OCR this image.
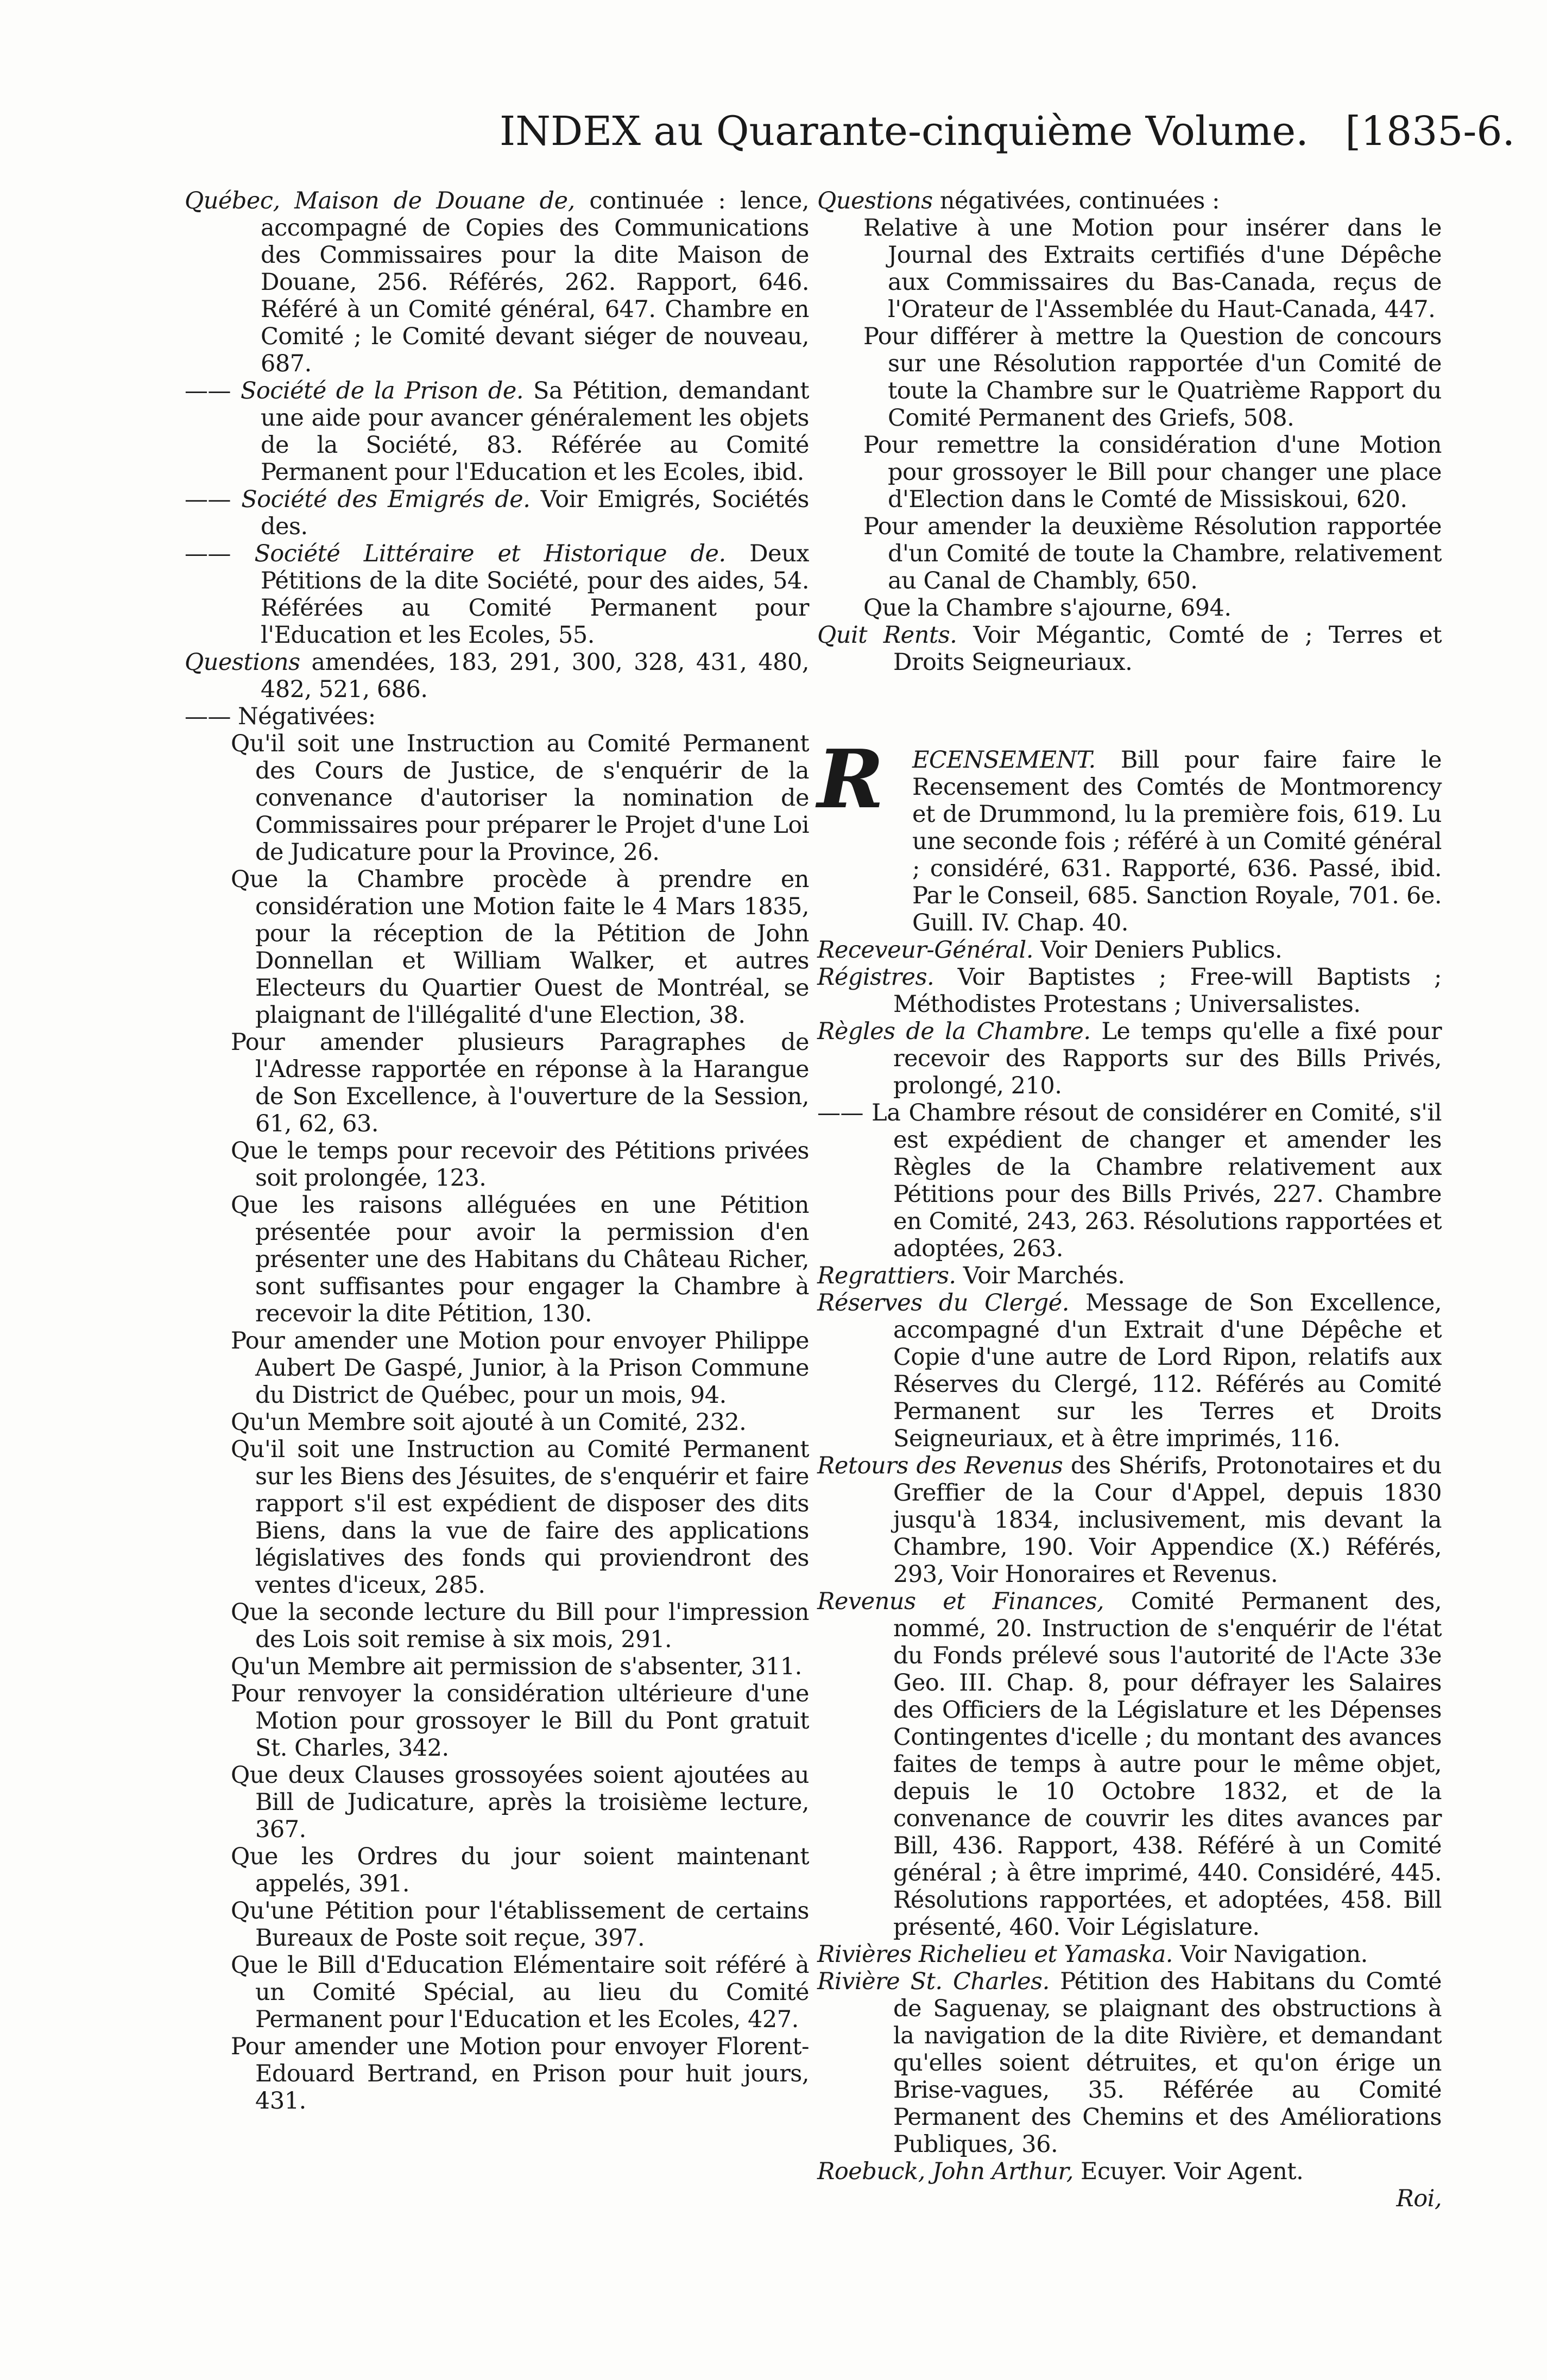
INDEX au Quarante-cinquième Volume. [1835-6.

Québec, Maison de Douane de, continuée : lence, accompagné de Copies des Communications des Commissaires pour la dite Maison de Douane, 256. Référés, 262. Rapport, 646. Référé à un Comité général, 647. Chambre en Comité ; le Comité devant siéger de nouveau, 687.

—— Société de la Prison de. Sa Pétition, demandant une aide pour avancer généralement les objets de la Société, 83. Référée au Comité Permanent pour l'Education et les Ecoles, ibid.

—— Société des Emigrés de. Voir Emigrés, Sociétés des.

—— Société Littéraire et Historique de. Deux Pétitions de la dite Société, pour des aides, 54. Référées au Comité Permanent pour l'Education et les Ecoles, 55.

Questions amendées, 183, 291, 300, 328, 431, 480, 482, 521, 686.

—— Négativées:

Qu'il soit une Instruction au Comité Permanent des Cours de Justice, de s'enquérir de la convenance d'autoriser la nomination de Commissaires pour préparer le Projet d'une Loi de Judicature pour la Province, 26.

Que la Chambre procède à prendre en considération une Motion faite le 4 Mars 1835, pour la réception de la Pétition de John Donnellan et William Walker, et autres Electeurs du Quartier Ouest de Montréal, se plaignant de l'illégalité d'une Election, 38.

Pour amender plusieurs Paragraphes de l'Adresse rapportée en réponse à la Harangue de Son Excellence, à l'ouverture de la Session, 61, 62, 63.

Que le temps pour recevoir des Pétitions privées soit prolongée, 123.

Que les raisons alléguées en une Pétition présentée pour avoir la permission d'en présenter une des Habitans du Château Richer, sont suffisantes pour engager la Chambre à recevoir la dite Pétition, 130.

Pour amender une Motion pour envoyer Philippe Aubert De Gaspé, Junior, à la Prison Commune du District de Québec, pour un mois, 94.

Qu'un Membre soit ajouté à un Comité, 232.

Qu'il soit une Instruction au Comité Permanent sur les Biens des Jésuites, de s'enquérir et faire rapport s'il est expédient de disposer des dits Biens, dans la vue de faire des applications législatives des fonds qui proviendront des ventes d'iceux, 285.

Que la seconde lecture du Bill pour l'impression des Lois soit remise à six mois, 291.

Qu'un Membre ait permission de s'absenter, 311.

Pour renvoyer la considération ultérieure d'une Motion pour grossoyer le Bill du Pont gratuit St. Charles, 342.

Que deux Clauses grossoyées soient ajoutées au Bill de Judicature, après la troisième lecture, 367.

Que les Ordres du jour soient maintenant appelés, 391.

Qu'une Pétition pour l'établissement de certains Bureaux de Poste soit reçue, 397.

Que le Bill d'Education Elémentaire soit référé à un Comité Spécial, au lieu du Comité Permanent pour l'Education et les Ecoles, 427.

Pour amender une Motion pour envoyer Florent-Edouard Bertrand, en Prison pour huit jours, 431.

Questions négativées, continuées :

Relative à une Motion pour insérer dans le Journal des Extraits certifiés d'une Dépêche aux Commissaires du Bas-Canada, reçus de l'Orateur de l'Assemblée du Haut-Canada, 447.

Pour différer à mettre la Question de concours sur une Résolution rapportée d'un Comité de toute la Chambre sur le Quatrième Rapport du Comité Permanent des Griefs, 508.

Pour remettre la considération d'une Motion pour grossoyer le Bill pour changer une place d'Election dans le Comté de Missiskoui, 620.

Pour amender la deuxième Résolution rapportée d'un Comité de toute la Chambre, relativement au Canal de Chambly, 650.

Que la Chambre s'ajourne, 694.

Quit Rents. Voir Mégantic, Comté de ; Terres et Droits Seigneuriaux.

R ECENSEMENT. Bill pour faire faire le Recensement des Comtés de Montmorency et de Drummond, lu la première fois, 619. Lu une seconde fois ; référé à un Comité général ; considéré, 631. Rapporté, 636. Passé, ibid. Par le Conseil, 685. Sanction Royale, 701. 6e. Guill. IV. Chap. 40.

Receveur-Général. Voir Deniers Publics.

Régistres. Voir Baptistes ; Free-will Baptists ; Méthodistes Protestans ; Universalistes.

Règles de la Chambre. Le temps qu'elle a fixé pour recevoir des Rapports sur des Bills Privés, prolongé, 210.

—— La Chambre résout de considérer en Comité, s'il est expédient de changer et amender les Règles de la Chambre relativement aux Pétitions pour des Bills Privés, 227. Chambre en Comité, 243, 263. Résolutions rapportées et adoptées, 263.

Regrattiers. Voir Marchés.

Réserves du Clergé. Message de Son Excellence, accompagné d'un Extrait d'une Dépêche et Copie d'une autre de Lord Ripon, relatifs aux Réserves du Clergé, 112. Référés au Comité Permanent sur les Terres et Droits Seigneuriaux, et à être imprimés, 116.

Retours des Revenus des Shérifs, Protonotaires et du Greffier de la Cour d'Appel, depuis 1830 jusqu'à 1834, inclusivement, mis devant la Chambre, 190. Voir Appendice (X.) Référés, 293, Voir Honoraires et Revenus.

Revenus et Finances, Comité Permanent des, nommé, 20. Instruction de s'enquérir de l'état du Fonds prélevé sous l'autorité de l'Acte 33e Geo. III. Chap. 8, pour défrayer les Salaires des Officiers de la Législature et les Dépenses Contingentes d'icelle ; du montant des avances faites de temps à autre pour le même objet, depuis le 10 Octobre 1832, et de la convenance de couvrir les dites avances par Bill, 436. Rapport, 438. Référé à un Comité général ; à être imprimé, 440. Considéré, 445. Résolutions rapportées, et adoptées, 458. Bill présenté, 460. Voir Législature.

Rivières Richelieu et Yamaska. Voir Navigation.

Rivière St. Charles. Pétition des Habitans du Comté de Saguenay, se plaignant des obstructions à la navigation de la dite Rivière, et demandant qu'elles soient détruites, et qu'on érige un Brise-vagues, 35. Référée au Comité Permanent des Chemins et des Améliorations Publiques, 36.

Roebuck, John Arthur, Ecuyer. Voir Agent.

Roi,
